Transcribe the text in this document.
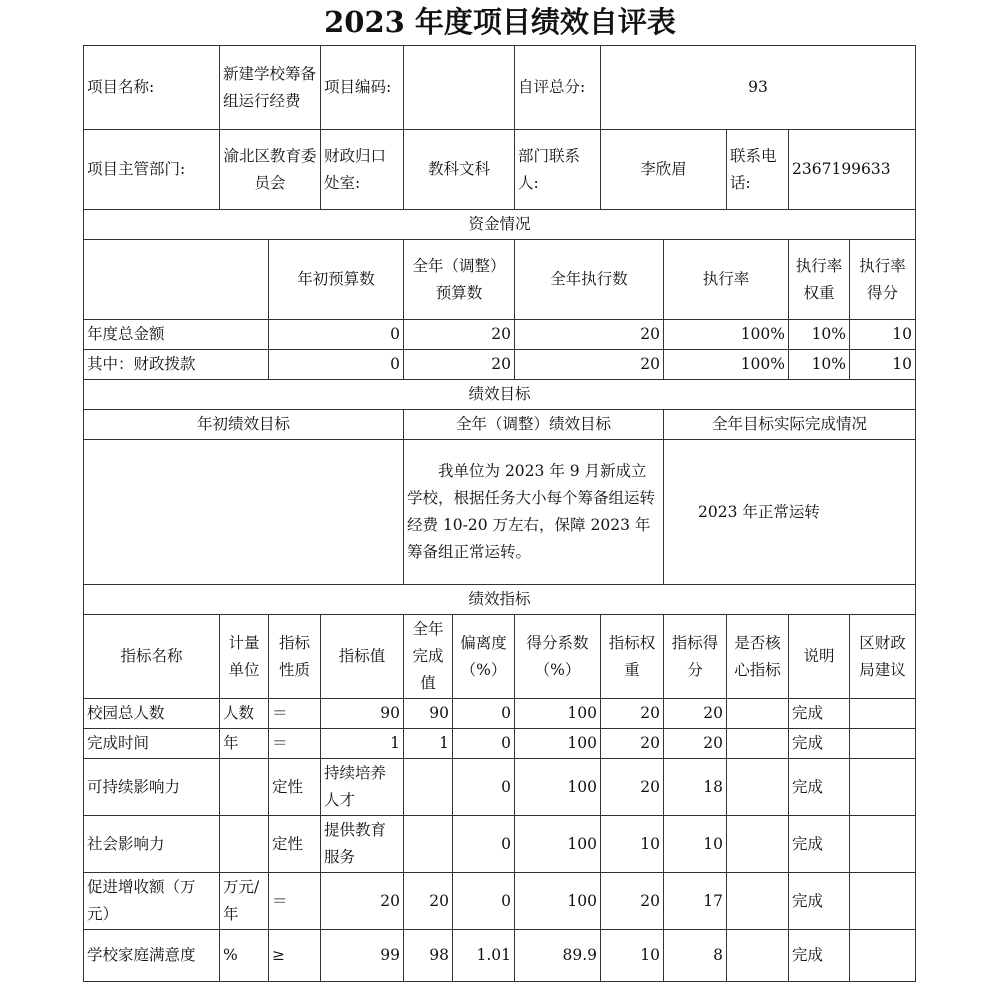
2023 年度项目绩效自评表
项目名称:	新建学校筹备组运行经费		项目编码:			自评总分:	93				
项目主管部门:	渝北区教育委员会		财政归口处室:	教科文科		部门联系人:	李欣眉		联系电话:	2367199633	
资金情况											
		年初预算数		全年（调整）预算数		全年执行数		执行率		执行率权重	执行率得分
年度总金额		0		20		20		100%		10%	10
其中：财政拨款		0		20		20		100%		10%	10
绩效目标											
年初绩效目标				全年（调整）绩效目标				全年目标实际完成情况			
				我单位为 2023 年 9 月新成立学校，根据任务大小每个筹备组运转经费 10-20 万左右，保障 2023 年筹备组正常运转。				2023 年正常运转			
绩效指标											
指标名称	计量单位	指标性质	指标值	全年完成值	偏离度（%）	得分系数（%）	指标权重	指标得分	是否核心指标	说明	区财政局建议
校园总人数	人数	＝	90	90	0	100	20	20		完成	
完成时间	年	＝	1	1	0	100	20	20		完成	
可持续影响力		定性	持续培养人才		0	100	20	18		完成	
社会影响力		定性	提供教育服务		0	100	10	10		完成	
促进增收额（万元）	万元/年	＝	20	20	0	100	20	17		完成	
学校家庭满意度	%	≥	99	98	1.01	89.9	10	8		完成	
